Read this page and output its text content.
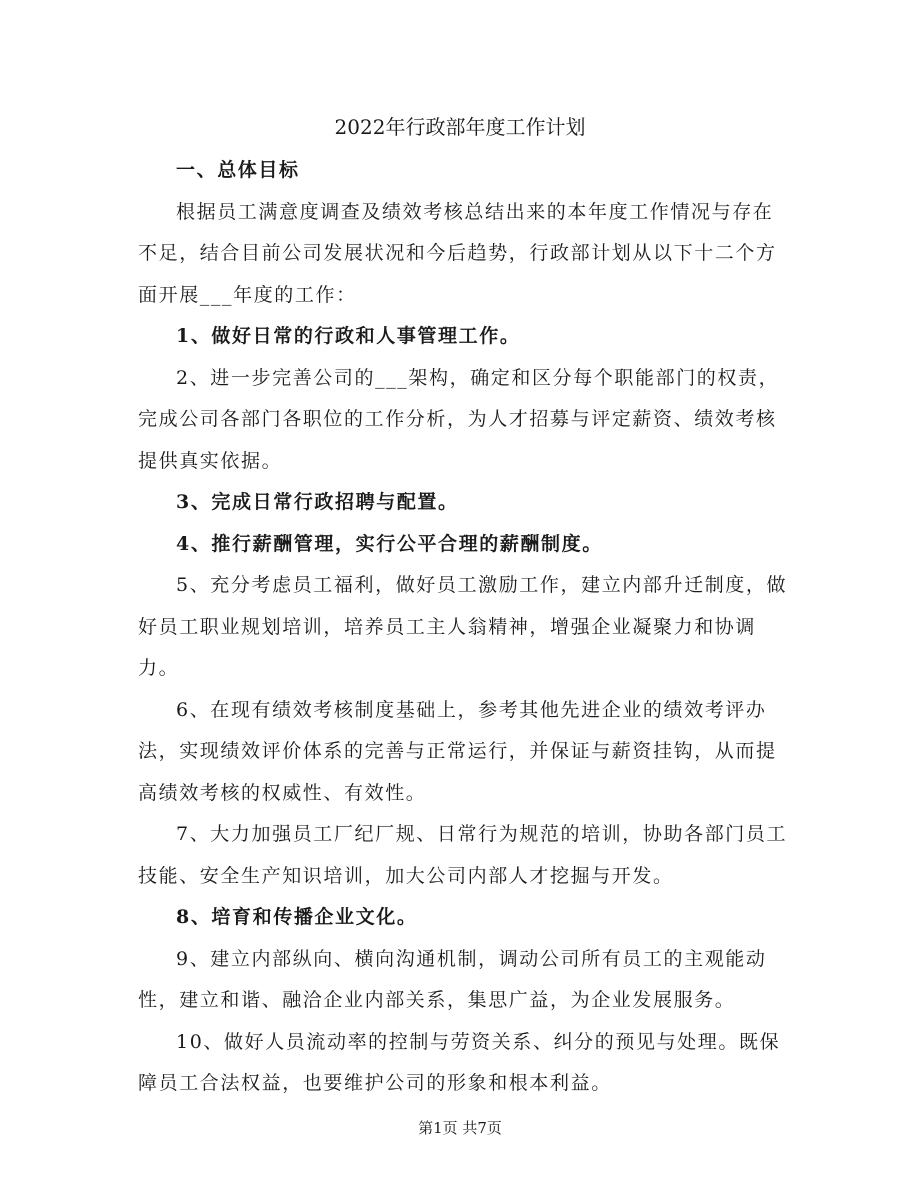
2022年行政部年度工作计划

一、总体目标

根据员工满意度调查及绩效考核总结出来的本年度工作情况与存在不足，结合目前公司发展状况和今后趋势，行政部计划从以下十二个方面开展___年度的工作：

1、做好日常的行政和人事管理工作。

2、进一步完善公司的___架构，确定和区分每个职能部门的权责，完成公司各部门各职位的工作分析，为人才招募与评定薪资、绩效考核提供真实依据。

3、完成日常行政招聘与配置。

4、推行薪酬管理，实行公平合理的薪酬制度。

5、充分考虑员工福利，做好员工激励工作，建立内部升迁制度，做好员工职业规划培训，培养员工主人翁精神，增强企业凝聚力和协调力。

6、在现有绩效考核制度基础上，参考其他先进企业的绩效考评办法，实现绩效评价体系的完善与正常运行，并保证与薪资挂钩，从而提高绩效考核的权威性、有效性。

7、大力加强员工厂纪厂规、日常行为规范的培训，协助各部门员工技能、安全生产知识培训，加大公司内部人才挖掘与开发。

8、培育和传播企业文化。

9、建立内部纵向、横向沟通机制，调动公司所有员工的主观能动性，建立和谐、融洽企业内部关系，集思广益，为企业发展服务。

10、做好人员流动率的控制与劳资关系、纠分的预见与处理。既保障员工合法权益，也要维护公司的形象和根本利益。

第1页 共7页
